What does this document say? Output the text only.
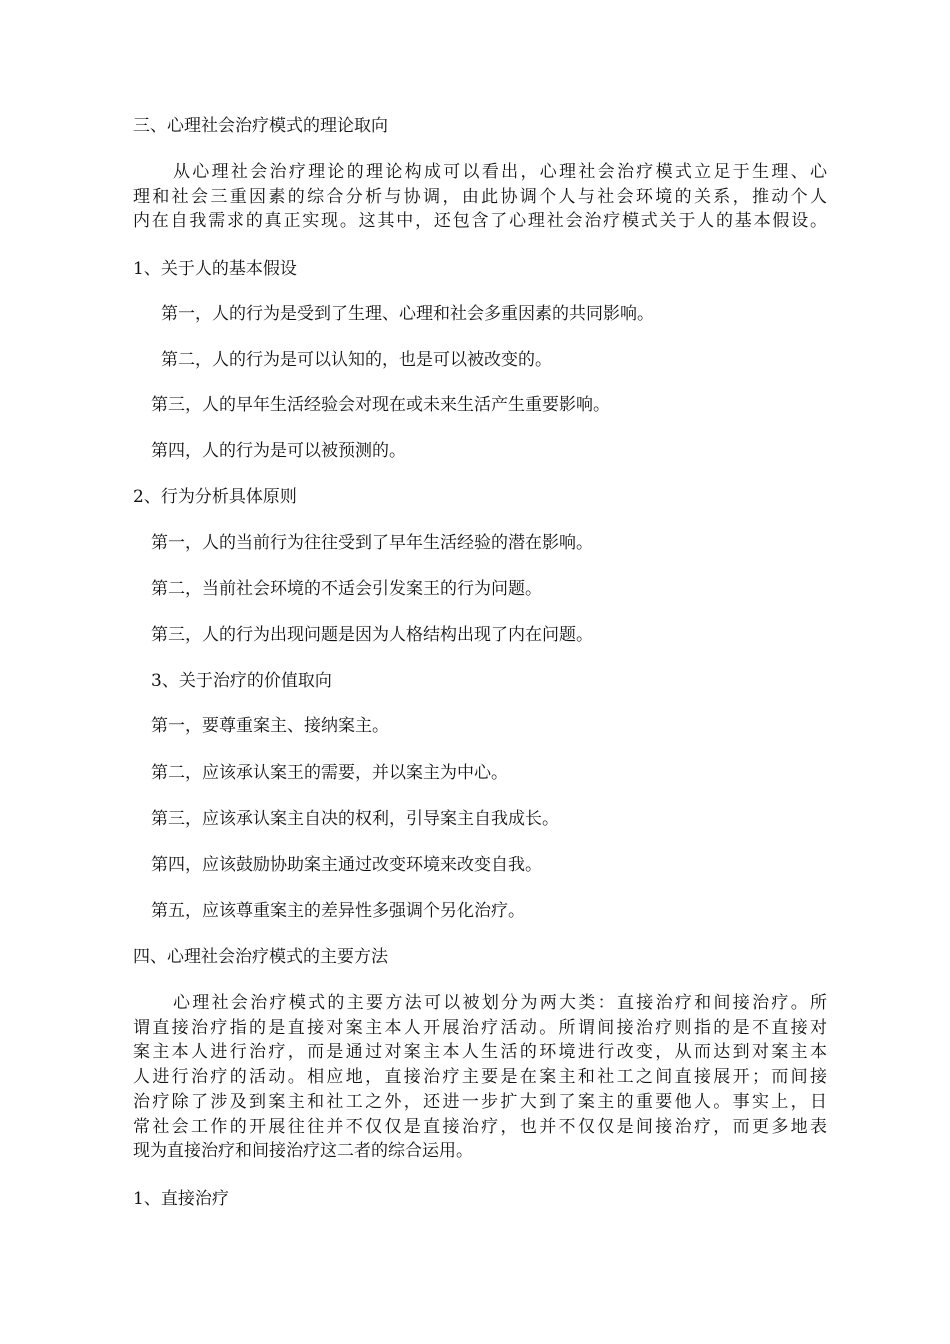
三、心理社会治疗模式的理论取向
从心理社会治疗理论的理论构成可以看出，心理社会治疗模式立足于生理、心
理和社会三重因素的综合分析与协调，由此协调个人与社会环境的关系，推动个人
内在自我需求的真正实现。这其中，还包含了心理社会治疗模式关于人的基本假设。
1、关于人的基本假设
第一，人的行为是受到了生理、心理和社会多重因素的共同影响。
第二，人的行为是可以认知的，也是可以被改变的。
第三，人的早年生活经验会对现在或未来生活产生重要影响。
第四，人的行为是可以被预测的。
2、行为分析具体原则
第一，人的当前行为往往受到了早年生活经验的潜在影响。
第二，当前社会环境的不适会引发案王的行为问题。
第三，人的行为出现问题是因为人格结构出现了内在问题。
3、关于治疗的价值取向
第一，要尊重案主、接纳案主。
第二，应该承认案王的需要，并以案主为中心。
第三，应该承认案主自决的权利，引导案主自我成长。
第四，应该鼓励协助案主通过改变环境来改变自我。
第五，应该尊重案主的差异性多强调个另化治疗。
四、心理社会治疗模式的主要方法
心理社会治疗模式的主要方法可以被划分为两大类：直接治疗和间接治疗。所
谓直接治疗指的是直接对案主本人开展治疗活动。所谓间接治疗则指的是不直接对
案主本人进行治疗，而是通过对案主本人生活的环境进行改变，从而达到对案主本
人进行治疗的活动。相应地，直接治疗主要是在案主和社工之间直接展开；而间接
治疗除了涉及到案主和社工之外，还进一步扩大到了案主的重要他人。事实上，日
常社会工作的开展往往并不仅仅是直接治疗，也并不仅仅是间接治疗，而更多地表
现为直接治疗和间接治疗这二者的综合运用。
1、直接治疗
